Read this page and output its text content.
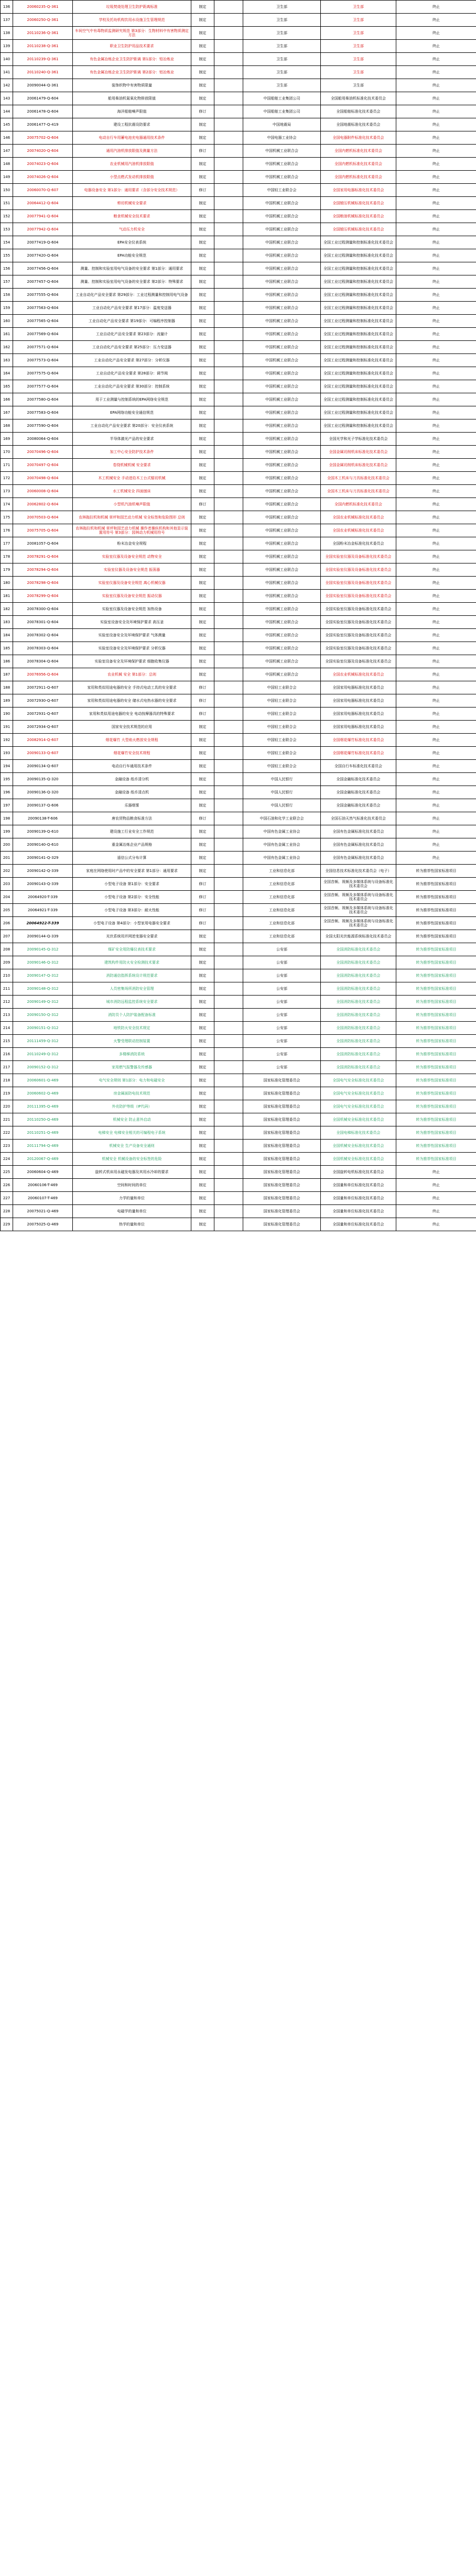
136	20060235-Q-361	垃圾焚烧处理卫生防护距离标准	制定		卫生部	卫生部	终止
137	20060250-Q-361	学校及托幼机构饮用水设施卫生管理规范	制定		卫生部	卫生部	终止
138	20110236-Q-361	车间空气中有毒物质监测研究规范 第3部分：生物材料中有害物质测定方法	制定		卫生部	卫生部	终止
139	20110238-Q-361	职业卫生防护用品技术要求	制定		卫生部	卫生部	终止
140	20110239-Q-361	有色金属冶炼企业卫生防护距离 第1部分：铅冶炼业	制定		卫生部	卫生部	终止
141	20110240-Q-361	有色金属冶炼企业卫生防护距离 第2部分：铝冶炼业	制定		卫生部	卫生部	终止
142	20090044-Q-361	装饰织物中有害物质限量	制定		卫生部	卫生部	终止
143	20061479-Q-604	船用柴油机氮氧化物排放限值	制定		中国船舶工业集团公司	全国船用柴油机标准化技术委员会	终止
144	20061478-Q-604	海洋船舶噪声限值	修订		中国船舶工业集团公司	全国船舶标准化技术委员会	终止
145	20061477-Q-419	建设工程抗震设防要求	制定		中国地震局	全国地震标准化技术委员会	终止
146	20075702-Q-604	电动自行车用蓄电池充电器通用技术条件	制定		中国电器工业协会	全国电器附件标准化技术委员会	终止
147	20074020-Q-604	通用汽油机排放限值及测量方法	修订		中国机械工业联合会	全国内燃机标准化技术委员会	终止
148	20074023-Q-604	农业机械用汽油机排放限值	制定		中国机械工业联合会	全国内燃机标准化技术委员会	终止
149	20074026-Q-604	小型点燃式发动机排放限值	制定		中国机械工业联合会	全国内燃机标准化技术委员会	终止
150	20060070-Q-607	电器设备安全 第1部分：通用要求（含部分安全技术规范）	修订		中国轻工业联合会	全国家用电器标准化技术委员会	终止
151	20064412-Q-604	剪切机械安全要求	制定		中国机械工业联合会	全国锻压机械标准化技术委员会	终止
152	20077941-Q-604	粮食机械安全技术要求	制定		中国机械工业联合会	全国粮油机械标准化技术委员会	终止
153	20077942-Q-604	气动压力机安全	制定		中国机械工业联合会	全国锻压机械标准化技术委员会	终止
154	20077419-Q-604	EPA安全仪表系统	制定		中国机械工业联合会	全国工业过程测量和控制标准化技术委员会	终止
155	20077420-Q-604	EPA功能安全规范	制定		中国机械工业联合会	全国工业过程测量和控制标准化技术委员会	终止
156	20077456-Q-604	测量、控制和实验室用电气设备的安全要求 第1部分：通用要求	制定		中国机械工业联合会	全国工业过程测量和控制标准化技术委员会	终止
157	20077457-Q-604	测量、控制和实验室用电气设备的安全要求 第2部分：特殊要求	制定		中国机械工业联合会	全国工业过程测量和控制标准化技术委员会	终止
158	20077555-Q-604	工业自动化产品安全要求 第29部分：工业过程测量和控制用电气设备	制定		中国机械工业联合会	全国工业过程测量和控制标准化技术委员会	终止
159	20077563-Q-604	工业自动化产品安全要求 第17部分：温度变送器	制定		中国机械工业联合会	全国工业过程测量和控制标准化技术委员会	终止
160	20077565-Q-604	工业自动化产品安全要求 第19部分：可编程序控制器	制定		中国机械工业联合会	全国工业过程测量和控制标准化技术委员会	终止
161	20077569-Q-604	工业自动化产品安全要求 第23部分：流量计	制定		中国机械工业联合会	全国工业过程测量和控制标准化技术委员会	终止
162	20077571-Q-604	工业自动化产品安全要求 第25部分：压力变送器	制定		中国机械工业联合会	全国工业过程测量和控制标准化技术委员会	终止
163	20077573-Q-604	工业自动化产品安全要求 第27部分：分析仪器	制定		中国机械工业联合会	全国工业过程测量和控制标准化技术委员会	终止
164	20077575-Q-604	工业自动化产品安全要求 第28部分：调节阀	制定		中国机械工业联合会	全国工业过程测量和控制标准化技术委员会	终止
165	20077577-Q-604	工业自动化产品安全要求 第30部分：控制系统	制定		中国机械工业联合会	全国工业过程测量和控制标准化技术委员会	终止
166	20077580-Q-604	用于工业测量与控制系统的EPA网络安全规范	制定		中国机械工业联合会	全国工业过程测量和控制标准化技术委员会	终止
167	20077583-Q-604	EPA网络功能安全通信规范	制定		中国机械工业联合会	全国工业过程测量和控制标准化技术委员会	终止
168	20077590-Q-604	工业自动化产品安全要求 第20部分：安全仪表系统	制定		中国机械工业联合会	全国工业过程测量和控制标准化技术委员会	终止
169	20080064-Q-604	半导体激光产品的安全要求	制定		中国机械工业联合会	全国光学和光子学标准化技术委员会	终止
170	20070496-Q-604	加工中心安全防护技术条件	制定		中国机械工业联合会	全国金属切削机床标准化技术委员会	终止
171	20070497-Q-604	卷绕机械机械 安全要求	制定		中国机械工业联合会	全国金属切削机床标准化技术委员会	终止
172	20070498-Q-604	木工机械安全 手动进给木工台式锯切机械	制定		中国机械工业联合会	全国木工机床与刀具标准化技术委员会	终止
173	20060008-Q-604	水工机械安全 四面刨床	制定		中国机械工业联合会	全国木工机床与刀具标准化技术委员会	终止
174	20062802-Q-604	小型机汽油机噪声限值	修订		中国机械工业联合会	全国内燃机标准化技术委员会	终止
175	20070503-Q-604	农林拖拉机和机械 草坪和园艺动力机械 安全标签和危险图形 总则	制定		中国机械工业联合会	全国农业机械标准化技术委员会	终止
176	20075705-Q-604	农林拖拉机和机械 草坪和园艺动力机械 操作者操纵机构和其他显示装置用符号 第3部分：园林动力机械用符号	制定		中国机械工业联合会	全国农业机械标准化技术委员会	终止
177	20081057-Q-604	粉末冶金安全规程	制定		中国机械工业联合会	全国粉末冶金标准化技术委员会	终止
178	20078291-Q-604	实验室仪器及设备安全规范 动物安全	制定		中国机械工业联合会	全国实验室仪器及设备标准化技术委员会	终止
179	20078294-Q-604	实验室仪器及设备安全规范 振荡器	制定		中国机械工业联合会	全国实验室仪器及设备标准化技术委员会	终止
180	20078298-Q-604	实验室仪器及设备安全规范 离心机械仪器	制定		中国机械工业联合会	全国实验室仪器及设备标准化技术委员会	终止
181	20078299-Q-604	实验室仪器及设备安全规范 振动仪器	制定		中国机械工业联合会	全国实验室仪器及设备标准化技术委员会	终止
182	20078300-Q-604	实验室仪器及设备安全规范 加热设备	制定		中国机械工业联合会	全国实验室仪器及设备标准化技术委员会	终止
183	20078301-Q-604	实验室设备安全及环境保护要求 高压釜	制定		中国机械工业联合会	全国实验室仪器及设备标准化技术委员会	终止
184	20078302-Q-604	实验室设备安全及环境保护要求 气体测量	制定		中国机械工业联合会	全国实验室仪器及设备标准化技术委员会	终止
185	20078303-Q-604	实验室设备安全及环境保护要求 分析仪器	制定		中国机械工业联合会	全国实验室仪器及设备标准化技术委员会	终止
186	20078304-Q-604	实验室设备安全及环境保护要求 细胞收集仪器	制定		中国机械工业联合会	全国实验室仪器及设备标准化技术委员会	终止
187	20076956-Q-604	农业机械 安全 第1部分：总则	制定		中国机械工业联合会	全国农业机械标准化技术委员会	终止
188	20072911-Q-607	家用和类似用途电器的安全 手持式电动工具的安全要求	修订		中国轻工业联合会	全国家用电器标准化技术委员会	终止
189	20072930-Q-607	家用和类似用途电器的安全 储水式电热水器的安全要求	修订		中国轻工业联合会	全国家用电器标准化技术委员会	终止
190	20072931-Q-607	家用和类似用途电器的安全 电动按摩器具的特殊要求	修订		中国轻工业联合会	全国家用电器标准化技术委员会	终止
191	20072934-Q-607	国家安全技术规范的应用	制定		中国轻工业联合会	全国家用电器标准化技术委员会	终止
192	20082914-Q-607	烟花爆竹 大型焰火燃放安全规程	制定		中国轻工业联合会	全国烟花爆竹标准化技术委员会	终止
193	20090133-Q-607	烟花爆竹安全技术规程	制定		中国轻工业联合会	全国烟花爆竹标准化技术委员会	终止
194	20090134-Q-607	电动自行车通用技术条件	制定		中国轻工业联合会	全国自行车标准化技术委员会	终止
195	20090135-Q-320	金融设备 纸币清分机	制定		中国人民银行	全国金融标准化技术委员会	终止
196	20090136-Q-320	金融设备 纸币清点机	制定		中国人民银行	全国金融标准化技术委员会	终止
197	20090137-Q-606	乐器烟雾	制定		中国人民银行	全国金融标准化技术委员会	终止
198	20090138-T-606	唐农贸物品粮食标准方法	修订		中国石油和化学工业联合会	全国石油天然气标准化技术委员会	终止
199	20090139-Q-610	建设施工行业安全工作规范	制定		中国有色金属工业协会	全国有色金属标准化技术委员会	终止
200	20090140-Q-610	重金属冶炼企业产品规格	制定		中国有色金属工业协会	全国有色金属标准化技术委员会	终止
201	20090141-Q-329	遥信公式分布计算	制定		中国有色金属工业协会	全国有色金属标准化技术委员会	终止
202	20090142-Q-339	家庭在网络使用时产品中的安全要求 第1部分：通用要求	制定		工业和信息化部	全国信息技术标准化技术委员会（电子）	转为推荐性国家标准项目
203	20090143-Q-339	小型电子设备 第1部分：安全要求	修订		工业和信息化部	全国音频、视频及多媒体系统与设备标准化技术委员会	转为推荐性国家标准项目
204	20064920-T-339	小型电子设备 第2部分：安全性能	修订		工业和信息化部	全国音频、视频及多媒体系统与设备标准化技术委员会	转为推荐性国家标准项目
205	20064921-T-339	小型电子设备 第3部分：耐火性能	修订		工业和信息化部	全国音频、视频及多媒体系统与设备标准化技术委员会	转为推荐性国家标准项目
206	20064922-T-339	小型电子设备 第4部分：小型家用电器安全要求	修订		工业和信息化部	全国音频、视频及多媒体系统与设备标准化技术委员会	转为推荐性国家标准项目
207	20090144-Q-339	光伏系统用并网逆变器安全要求	制定		工业和信息化部	全国太阳光伏能源系统标准化技术委员会	转为推荐性国家标准项目
208	20090145-Q-312	煤矿安全用防爆仪表技术要求	制定		公安部	全国消防标准化技术委员会	转为推荐性国家标准项目
209	20090146-Q-312	建筑构件用防火安全检测技术要求	制定		公安部	全国消防标准化技术委员会	转为推荐性国家标准项目
210	20090147-Q-312	消防通信指挥系统设计规范要求	制定		公安部	全国消防标准化技术委员会	转为推荐性国家标准项目
211	20090148-Q-312	人员密集场所消防安全管理	制定		公安部	全国消防标准化技术委员会	转为推荐性国家标准项目
212	20090149-Q-312	城市消防远程监控系统安全要求	制定		公安部	全国消防标准化技术委员会	转为推荐性国家标准项目
213	20090150-Q-312	消防员个人防护装备配备标准	制定		公安部	全国消防标准化技术委员会	转为推荐性国家标准项目
214	20090151-Q-312	地铁防火安全技术规定	制定		公安部	全国消防标准化技术委员会	转为推荐性国家标准项目
215	20111459-Q-312	火警受理联动控制装置	制定		公安部	全国消防标准化技术委员会	转为推荐性国家标准项目
216	20110249-Q-312	多楼梯消防系统	制定		公安部	全国消防标准化技术委员会	转为推荐性国家标准项目
217	20090152-Q-312	家用燃气报警器及传感器	制定		公安部	全国消防标准化技术委员会	转为推荐性国家标准项目
218	20060601-Q-469	电气安全规则 第1部分：电力和电磁安全	制定		国家标准化管理委员会	全国电气安全标准化技术委员会	转为推荐性国家标准项目
219	20060602-Q-469	房金属面防电技术规范	制定		国家标准化管理委员会	全国电气安全标准化技术委员会	转为推荐性国家标准项目
220	20111395-Q-469	外壳防护等级（IP代码）	制定		国家标准化管理委员会	全国电气安全标准化技术委员会	转为推荐性国家标准项目
221	20110250-Q-469	机械安全 防止意外启动	制定		国家标准化管理委员会	全国机械安全标准化技术委员会	转为推荐性国家标准项目
222	20110251-Q-469	电梯安全 电梯安全相关的可编程电子系统	制定		国家标准化管理委员会	全国电梯标准化技术委员会	转为推荐性国家标准项目
223	20111794-Q-469	机械安全 生产设备安全通则	制定		国家标准化管理委员会	全国机械安全标准化技术委员会	转为推荐性国家标准项目
224	20120067-Q-469	机械安全 机械设备的安全标签的危险	制定		国家标准化管理委员会	全国机械安全标准化技术委员会	转为推荐性国家标准项目
225	20060604-Q-469	旋转式机床用永磁发电器及其用水冷却的要求	制定		国家标准化管理委员会	全国旋转电机标准化技术委员会	终止
226	20060106-T-469	空间和时间的单位	制定		国家标准化管理委员会	全国量和单位标准化技术委员会	终止
227	20060107-T-469	力学的量和单位	制定		国家标准化管理委员会	全国量和单位标准化技术委员会	终止
228	20075021-Q-469	电磁学的量和单位	制定		国家标准化管理委员会	全国量和单位标准化技术委员会	终止
229	20075025-Q-469	热学的量和单位	制定		国家标准化管理委员会	全国量和单位标准化技术委员会	终止
